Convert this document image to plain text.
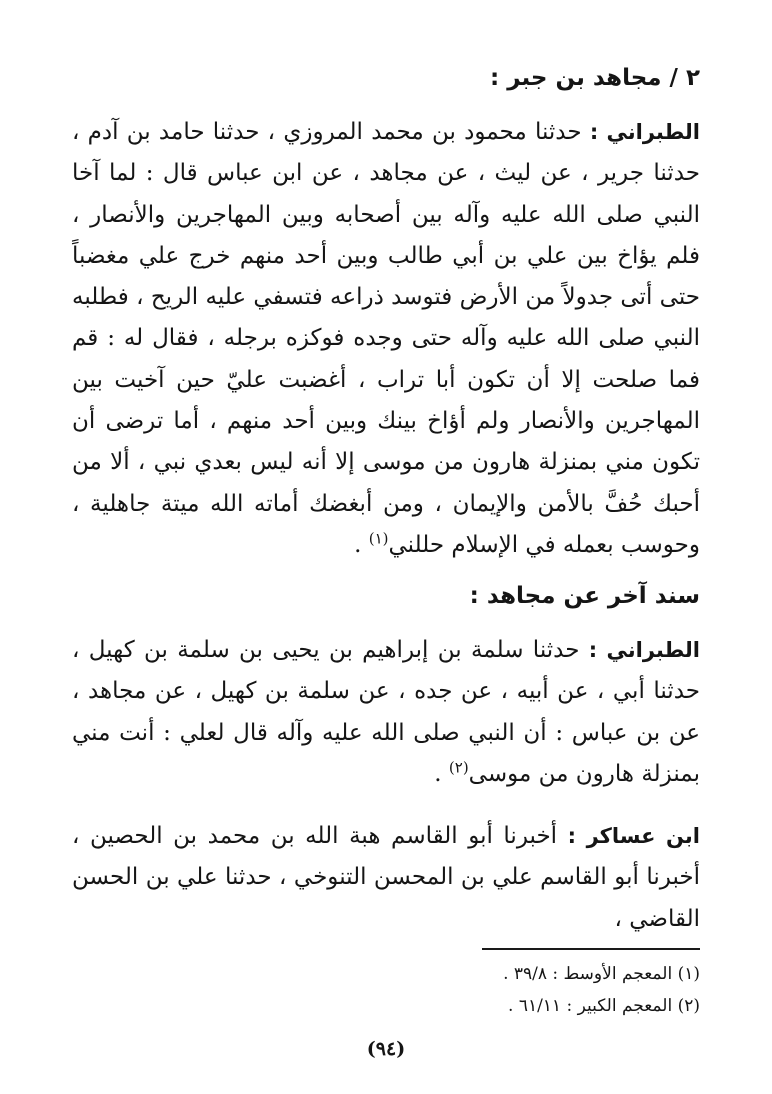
٢ / مجاهد بن جبر :
الطبراني : حدثنا محمود بن محمد المروزي ، حدثنا حامد بن آدم ، حدثنا جرير ، عن ليث ، عن مجاهد ، عن ابن عباس قال : لما آخا النبي صلى الله عليه وآله بين أصحابه وبين المهاجرين والأنصار ، فلم يؤاخ بين علي بن أبي طالب وبين أحد منهم خرج علي مغضباً حتى أتى جدولاً من الأرض فتوسد ذراعه فتسفي عليه الريح ، فطلبه النبي صلى الله عليه وآله حتى وجده فوكزه برجله ، فقال له : قم فما صلحت إلا أن تكون أبا تراب ، أغضبت عليّ حين آخيت بين المهاجرين والأنصار ولم أؤاخ بينك وبين أحد منهم ، أما ترضى أن تكون مني بمنزلة هارون من موسى إلا أنه ليس بعدي نبي ، ألا من أحبك حُفَّ بالأمن والإيمان ، ومن أبغضك أماته الله ميتة جاهلية ، وحوسب بعمله في الإسلام حللني$^{(١)}$ .
سند آخر عن مجاهد :
الطبراني : حدثنا سلمة بن إبراهيم بن يحيى بن سلمة بن كهيل ، حدثنا أبي ، عن أبيه ، عن جده ، عن سلمة بن كهيل ، عن مجاهد ، عن بن عباس : أن النبي صلى الله عليه وآله قال لعلي : أنت مني بمنزلة هارون من موسى$^{(٢)}$ .
ابن عساكر : أخبرنا أبو القاسم هبة الله بن محمد بن الحصين ، أخبرنا أبو القاسم علي بن المحسن التنوخي ، حدثنا علي بن الحسن القاضي ،
(١) المعجم الأوسط : ٣٩/٨ .
(٢) المعجم الكبير : ٦١/١١ .
(٩٤)
